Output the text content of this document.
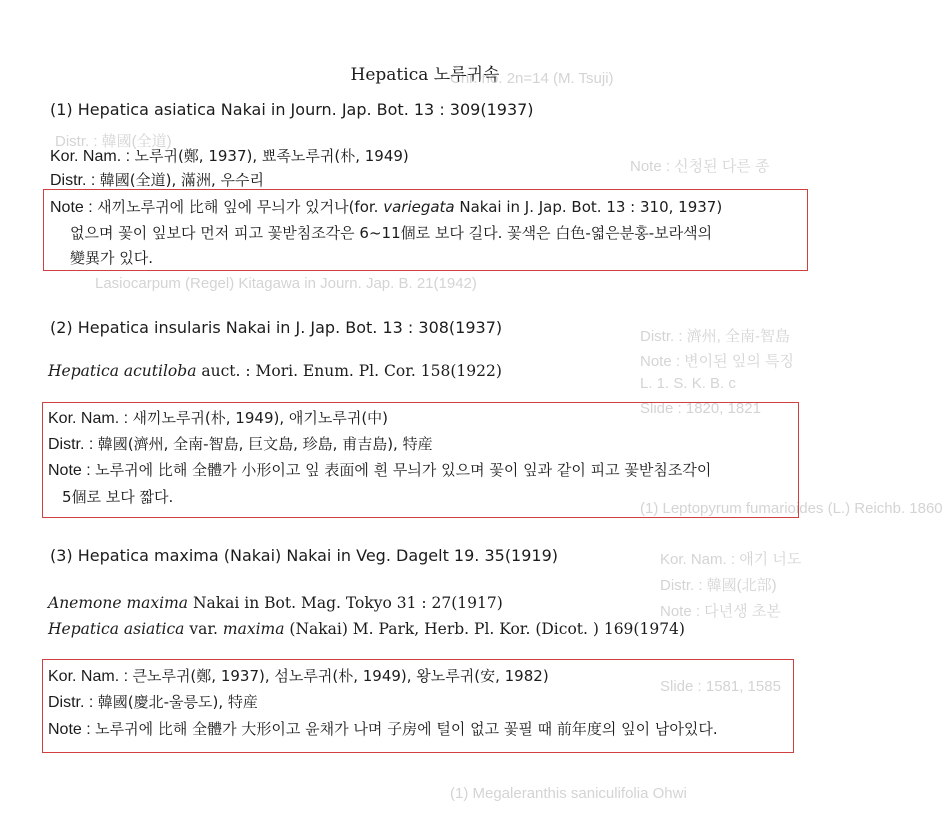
Chr. no. 2n=14 (M. Tsuji)
Note : 신청된 다른 종
Distr. : 韓國(全道)
Lasiocarpum (Regel) Kitagawa in Journ. Jap. B. 21(1942)
Distr. : 濟州, 全南-智島
Note : 변이된 잎의 특징
L. 1. S. K. B. c
Slide : 1820, 1821
(1) Leptopyrum fumarioides (L.) Reichb. 1860
Kor. Nam. : 애기 너도
Distr. : 韓國(北部)
Note : 다년생 초본
Slide : 1581, 1585
(1) Megaleranthis saniculifolia Ohwi
Hepatica 노루귀속
(1) Hepatica asiatica Nakai in Journ. Jap. Bot. 13 : 309(1937)
Kor. Nam. : 노루귀(鄭, 1937), 뾰족노루귀(朴, 1949)
Distr. : 韓國(全道), 滿洲, 우수리
Note : 새끼노루귀에 比해 잎에 무늬가 있거나(for. variegata Nakai in J. Jap. Bot. 13 : 310, 1937)
없으며 꽃이 잎보다 먼저 피고 꽃받침조각은 6~11個로 보다 길다. 꽃색은 白色-엷은분홍-보라색의
變異가 있다.
(2) Hepatica insularis Nakai in J. Jap. Bot. 13 : 308(1937)
Hepatica acutiloba auct. : Mori. Enum. Pl. Cor. 158(1922)
Kor. Nam. : 새끼노루귀(朴, 1949), 애기노루귀(中)
Distr. : 韓國(濟州, 全南-智島, 巨文島, 珍島, 甫吉島), 特産
Note : 노루귀에 比해 全體가 小形이고 잎 表面에 흰 무늬가 있으며 꽃이 잎과 같이 피고 꽃받침조각이
5個로 보다 짧다.
(3) Hepatica maxima (Nakai) Nakai in Veg. Dagelt 19. 35(1919)
Anemone maxima Nakai in Bot. Mag. Tokyo 31 : 27(1917)
Hepatica asiatica var. maxima (Nakai) M. Park, Herb. Pl. Kor. (Dicot. ) 169(1974)
Kor. Nam. : 큰노루귀(鄭, 1937), 섬노루귀(朴, 1949), 왕노루귀(安, 1982)
Distr. : 韓國(慶北-울릉도), 特産
Note : 노루귀에 比해 全體가 大形이고 윤채가 나며 子房에 털이 없고 꽃필 때 前年度의 잎이 남아있다.
